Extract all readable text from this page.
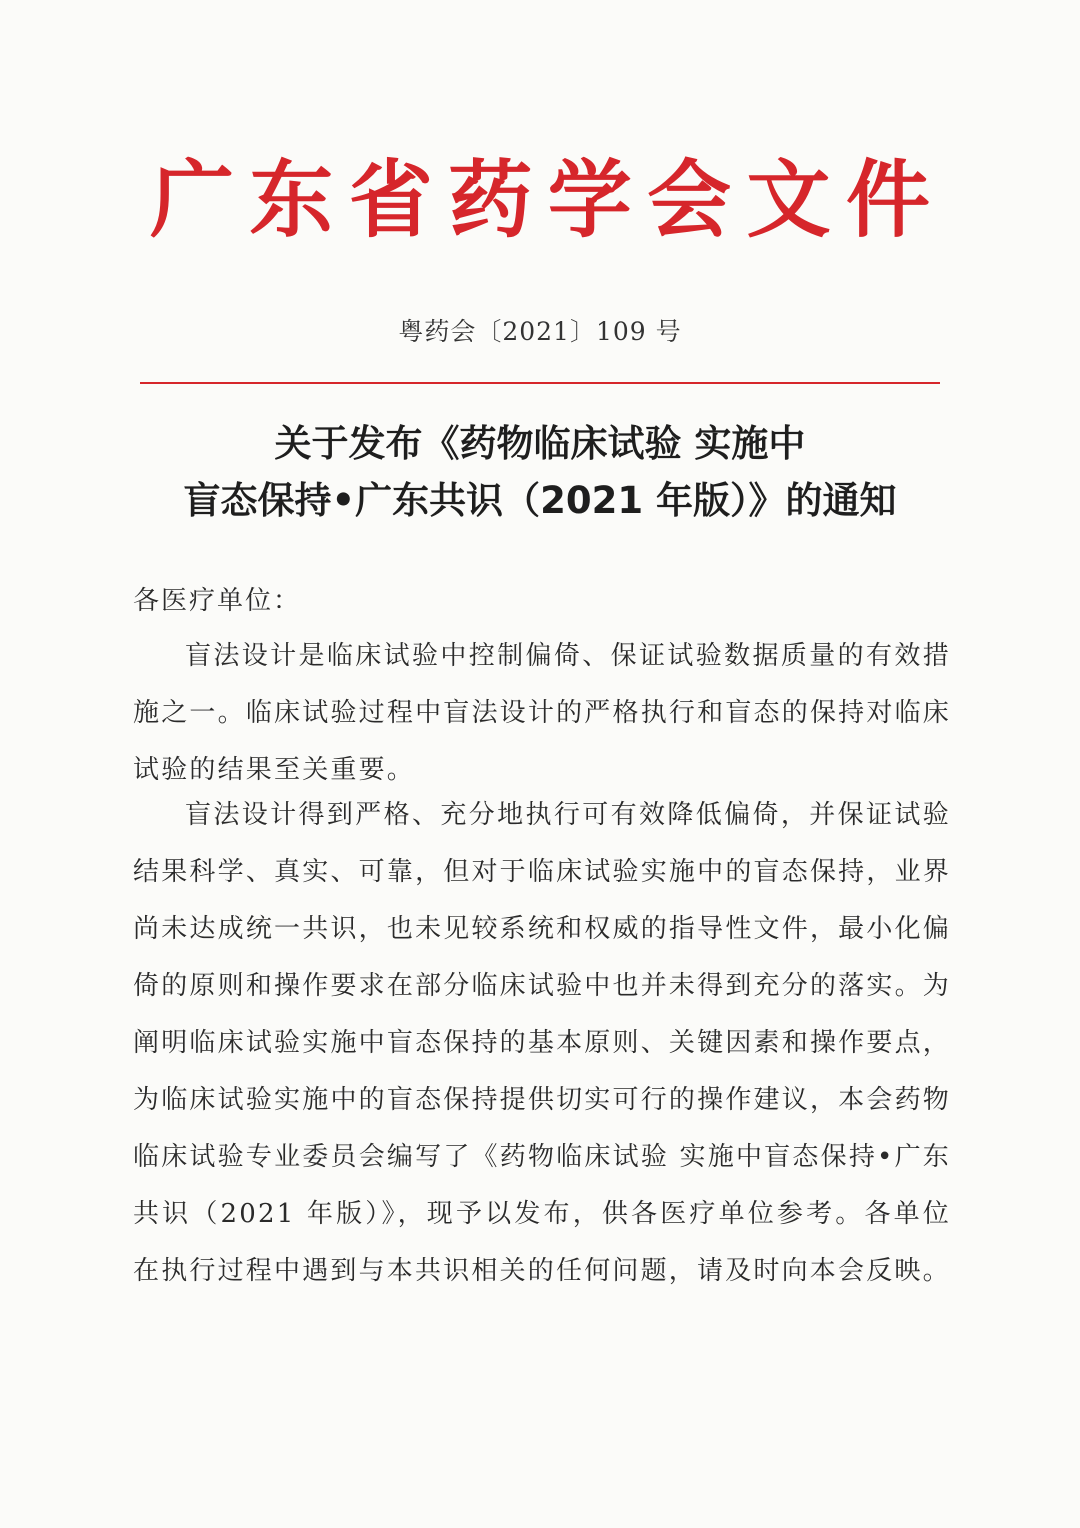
广 东 省 药 学 会 文 件
粤药会〔2021〕109 号
关于发布《药物临床试验 实施中
盲态保持•广东共识（2021 年版）》的通知
各医疗单位：

盲法设计是临床试验中控制偏倚、保证试验数据质量的有效措施之一。临床试验过程中盲法设计的严格执行和盲态的保持对临床试验的结果至关重要。

盲法设计得到严格、充分地执行可有效降低偏倚，并保证试验结果科学、真实、可靠，但对于临床试验实施中的盲态保持，业界尚未达成统一共识，也未见较系统和权威的指导性文件，最小化偏倚的原则和操作要求在部分临床试验中也并未得到充分的落实。为阐明临床试验实施中盲态保持的基本原则、关键因素和操作要点，为临床试验实施中的盲态保持提供切实可行的操作建议，本会药物临床试验专业委员会编写了《药物临床试验 实施中盲态保持•广东共识（2021 年版）》，现予以发布，供各医疗单位参考。各单位在执行过程中遇到与本共识相关的任何问题，请及时向本会反映。
